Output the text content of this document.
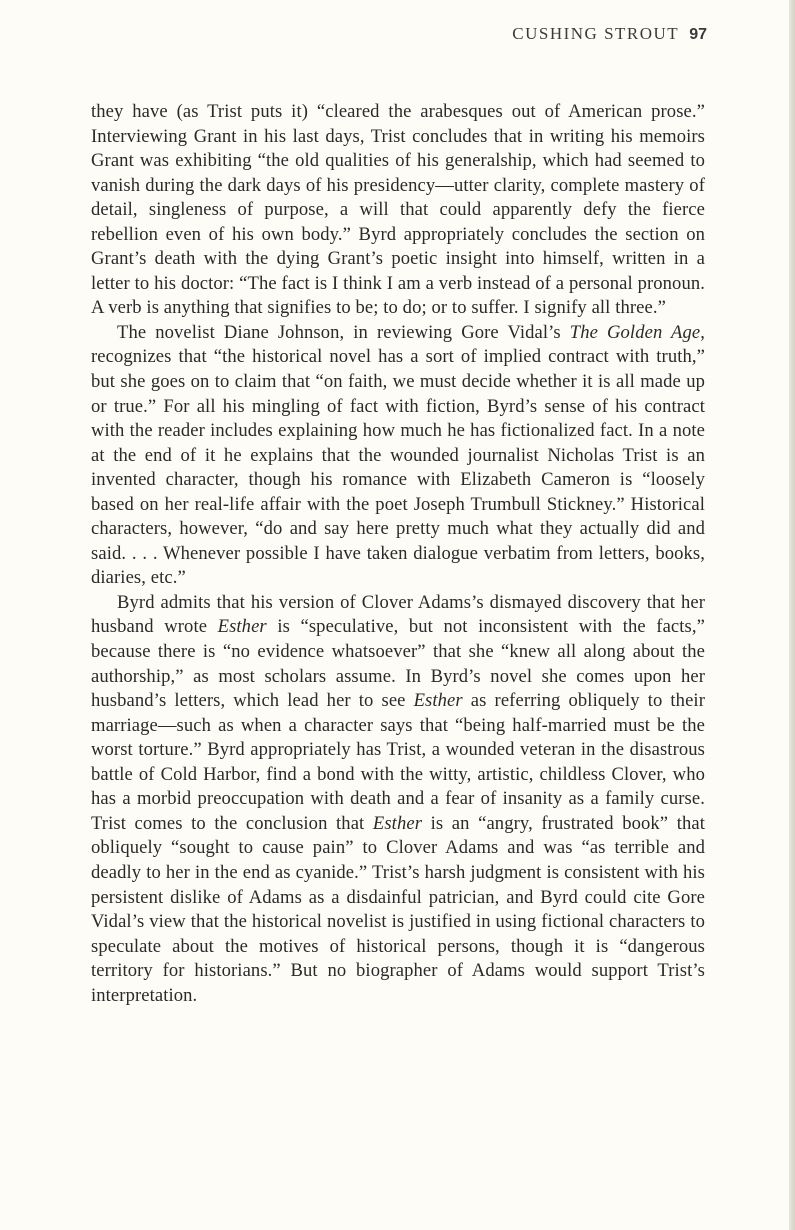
CUSHING STROUT 97

they have (as Trist puts it) “cleared the arabesques out of American prose.” Interviewing Grant in his last days, Trist concludes that in writing his memoirs Grant was exhibiting “the old qualities of his generalship, which had seemed to vanish during the dark days of his presidency—utter clarity, complete mastery of detail, singleness of purpose, a will that could apparently defy the fierce rebellion even of his own body.” Byrd appropriately concludes the section on Grant’s death with the dying Grant’s poetic insight into himself, written in a letter to his doctor: “The fact is I think I am a verb instead of a personal pronoun. A verb is anything that signifies to be; to do; or to suffer. I signify all three.”

The novelist Diane Johnson, in reviewing Gore Vidal’s The Golden Age, recognizes that “the historical novel has a sort of implied contract with truth,” but she goes on to claim that “on faith, we must decide whether it is all made up or true.” For all his mingling of fact with fiction, Byrd’s sense of his contract with the reader includes explaining how much he has fictionalized fact. In a note at the end of it he explains that the wounded journalist Nicholas Trist is an invented character, though his romance with Elizabeth Cameron is “loosely based on her real-life affair with the poet Joseph Trumbull Stickney.” Historical characters, however, “do and say here pretty much what they actually did and said. . . . Whenever possible I have taken dialogue verbatim from letters, books, diaries, etc.”

Byrd admits that his version of Clover Adams’s dismayed discovery that her husband wrote Esther is “speculative, but not inconsistent with the facts,” because there is “no evidence whatsoever” that she “knew all along about the authorship,” as most scholars assume. In Byrd’s novel she comes upon her husband’s letters, which lead her to see Esther as referring obliquely to their marriage—such as when a character says that “being half-married must be the worst torture.” Byrd appropriately has Trist, a wounded veteran in the disastrous battle of Cold Harbor, find a bond with the witty, artistic, childless Clover, who has a morbid preoccupation with death and a fear of insanity as a family curse. Trist comes to the conclusion that Esther is an “angry, frustrated book” that obliquely “sought to cause pain” to Clover Adams and was “as terrible and deadly to her in the end as cyanide.” Trist’s harsh judgment is consistent with his persistent dislike of Adams as a disdainful patrician, and Byrd could cite Gore Vidal’s view that the historical novelist is justified in using fictional characters to speculate about the motives of historical persons, though it is “dangerous territory for historians.” But no biographer of Adams would support Trist’s interpretation.
